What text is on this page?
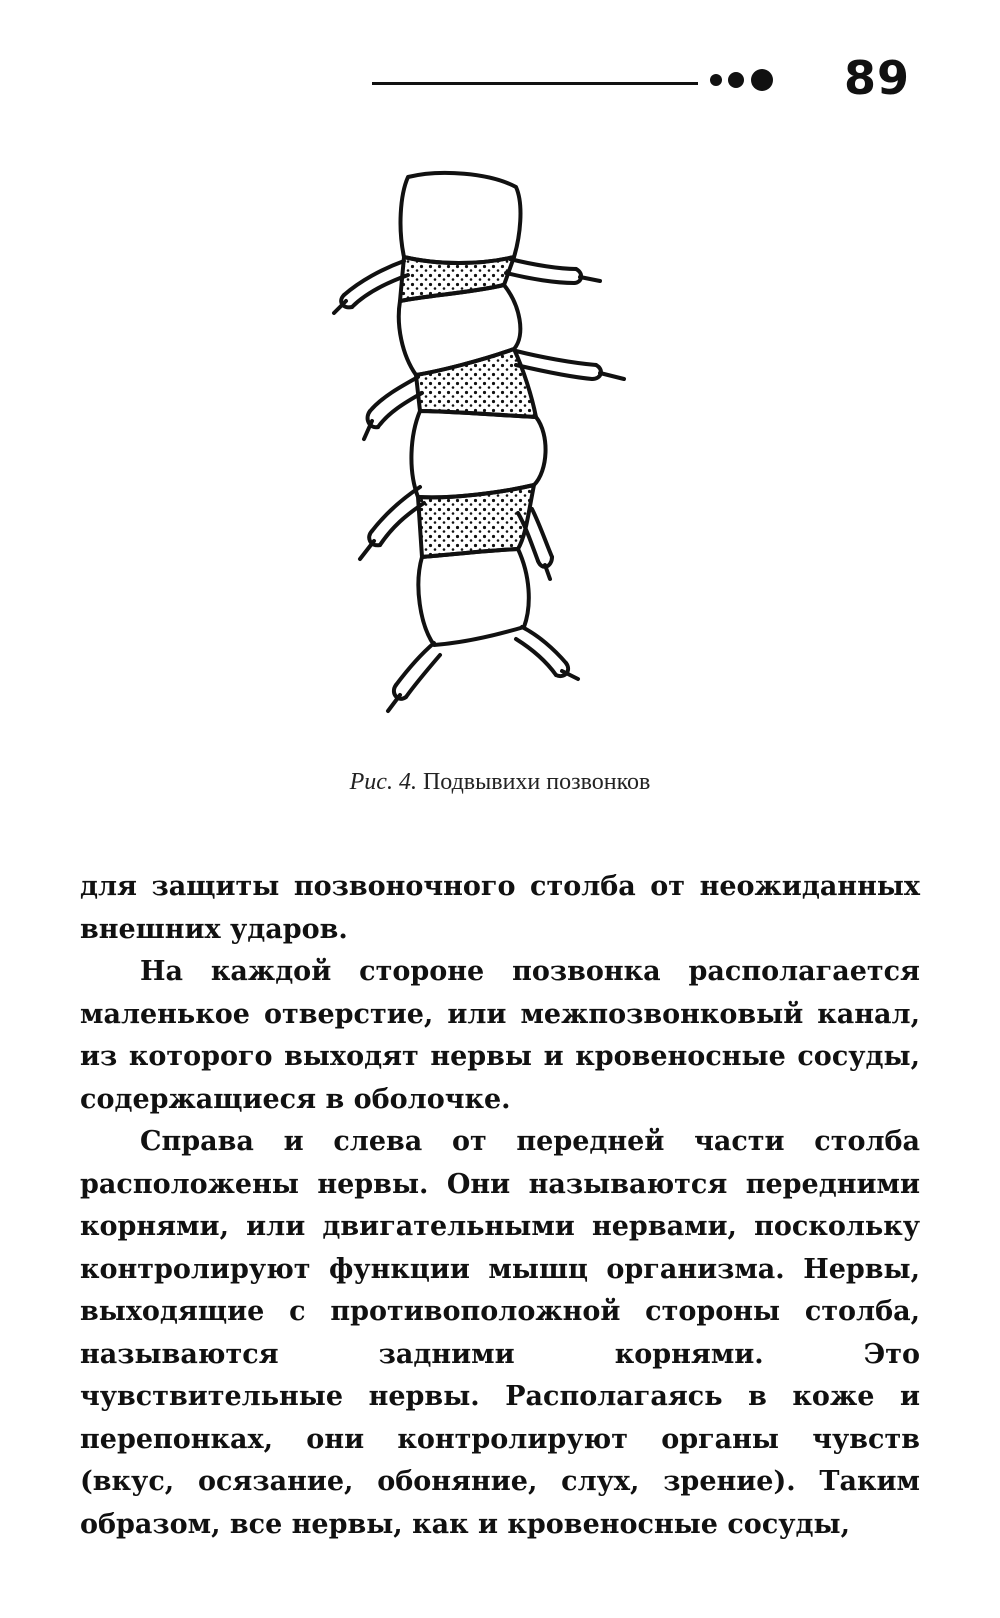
89
Рис. 4. Подвывихи позвонков

для защиты позвоночного столба от неожиданных внешних ударов.

На каждой стороне позвонка располагается маленькое отверстие, или межпозвонковый канал, из которого выходят нервы и кровеносные сосуды, содержащиеся в оболочке.

Справа и слева от передней части столба расположены нервы. Они называются передними корнями, или двигательными нервами, поскольку контролируют функции мышц организма. Нервы, выходящие с противоположной стороны столба, называются задними корнями. Это чувствительные нервы. Располагаясь в коже и перепонках, они контролируют органы чувств (вкус, осязание, обоняние, слух, зрение). Таким образом, все нервы, как и кровеносные сосуды,
